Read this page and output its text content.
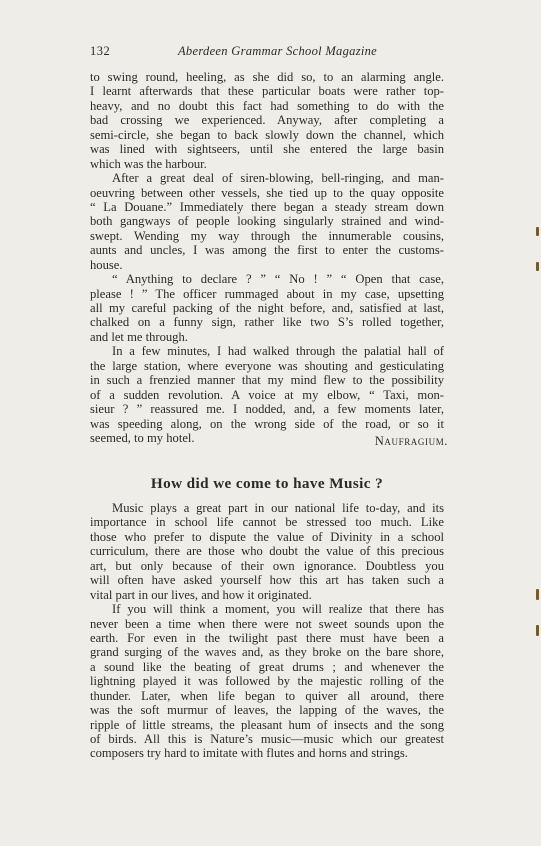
132	Aberdeen Grammar School Magazine
to swing round, heeling, as she did so, to an alarming angle.
I learnt afterwards that these particular boats were rather top-
heavy, and no doubt this fact had something to do with the
bad crossing we experienced. Anyway, after completing a
semi-circle, she began to back slowly down the channel, which
was lined with sightseers, until she entered the large basin
which was the harbour.
After a great deal of siren-blowing, bell-ringing, and man-
oeuvring between other vessels, she tied up to the quay opposite
“ La Douane.” Immediately there began a steady stream down
both gangways of people looking singularly strained and wind-
swept. Wending my way through the innumerable cousins,
aunts and uncles, I was among the first to enter the customs-
house.
“ Anything to declare ? ” “ No ! ” “ Open that case,
please ! ” The officer rummaged about in my case, upsetting
all my careful packing of the night before, and, satisfied at last,
chalked on a funny sign, rather like two S’s rolled together,
and let me through.
In a few minutes, I had walked through the palatial hall of
the large station, where everyone was shouting and gesticulating
in such a frenzied manner that my mind flew to the possibility
of a sudden revolution. A voice at my elbow, “ Taxi, mon-
sieur ? ” reassured me. I nodded, and, a few moments later,
was speeding along, on the wrong side of the road, or so it
seemed, to my hotel.	Naufragium.
How did we come to have Music ?
Music plays a great part in our national life to-day, and its
importance in school life cannot be stressed too much. Like
those who prefer to dispute the value of Divinity in a school
curriculum, there are those who doubt the value of this precious
art, but only because of their own ignorance. Doubtless you
will often have asked yourself how this art has taken such a
vital part in our lives, and how it originated.
If you will think a moment, you will realize that there has
never been a time when there were not sweet sounds upon the
earth. For even in the twilight past there must have been a
grand surging of the waves and, as they broke on the bare shore,
a sound like the beating of great drums ; and whenever the
lightning played it was followed by the majestic rolling of the
thunder. Later, when life began to quiver all around, there
was the soft murmur of leaves, the lapping of the waves, the
ripple of little streams, the pleasant hum of insects and the song
of birds. All this is Nature’s music—music which our greatest
composers try hard to imitate with flutes and horns and strings.
